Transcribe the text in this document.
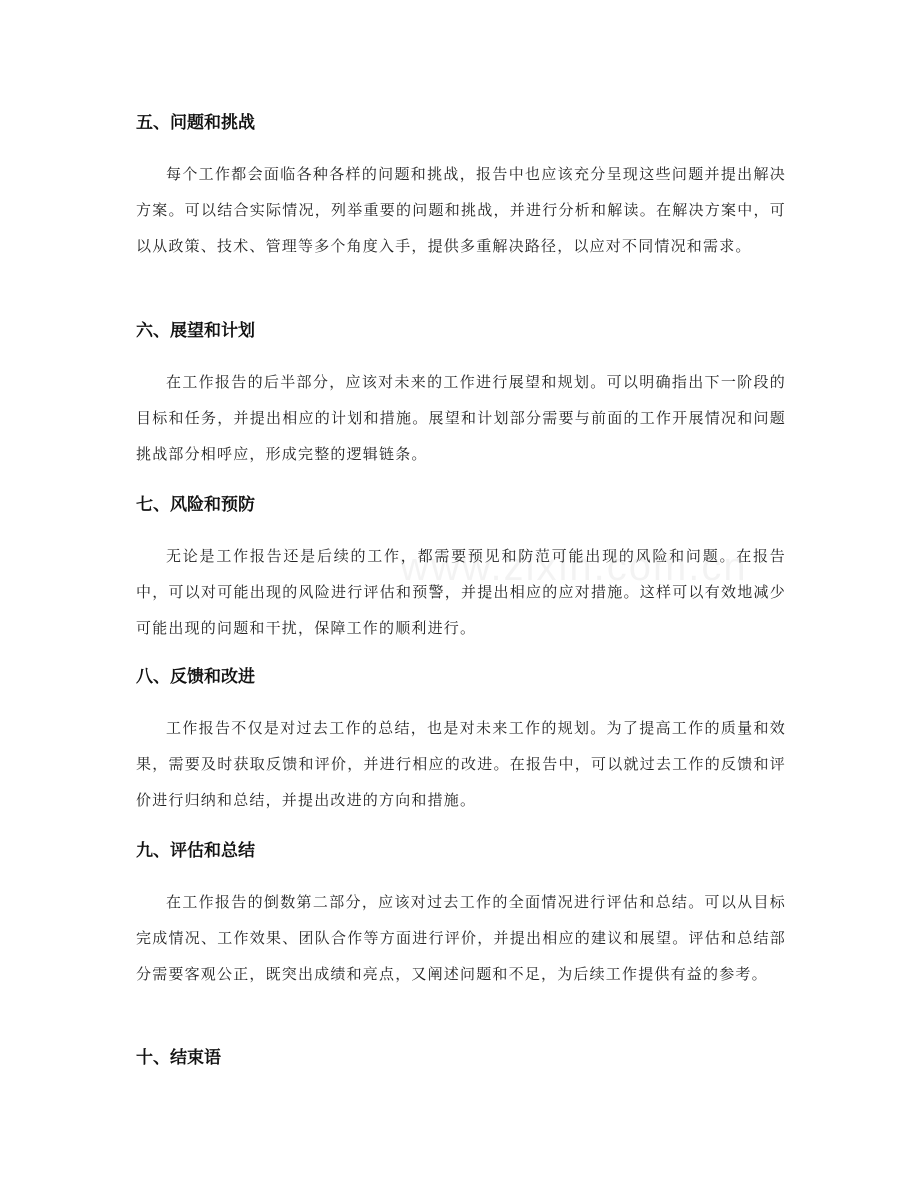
五、问题和挑战

每个工作都会面临各种各样的问题和挑战，报告中也应该充分呈现这些问题并提出解决方案。可以结合实际情况，列举重要的问题和挑战，并进行分析和解读。在解决方案中，可以从政策、技术、管理等多个角度入手，提供多重解决路径，以应对不同情况和需求。

六、展望和计划

在工作报告的后半部分，应该对未来的工作进行展望和规划。可以明确指出下一阶段的目标和任务，并提出相应的计划和措施。展望和计划部分需要与前面的工作开展情况和问题挑战部分相呼应，形成完整的逻辑链条。

七、风险和预防

无论是工作报告还是后续的工作，都需要预见和防范可能出现的风险和问题。在报告中，可以对可能出现的风险进行评估和预警，并提出相应的应对措施。这样可以有效地减少可能出现的问题和干扰，保障工作的顺利进行。

八、反馈和改进

工作报告不仅是对过去工作的总结，也是对未来工作的规划。为了提高工作的质量和效果，需要及时获取反馈和评价，并进行相应的改进。在报告中，可以就过去工作的反馈和评价进行归纳和总结，并提出改进的方向和措施。

九、评估和总结

在工作报告的倒数第二部分，应该对过去工作的全面情况进行评估和总结。可以从目标完成情况、工作效果、团队合作等方面进行评价，并提出相应的建议和展望。评估和总结部分需要客观公正，既突出成绩和亮点，又阐述问题和不足，为后续工作提供有益的参考。

十、结束语
